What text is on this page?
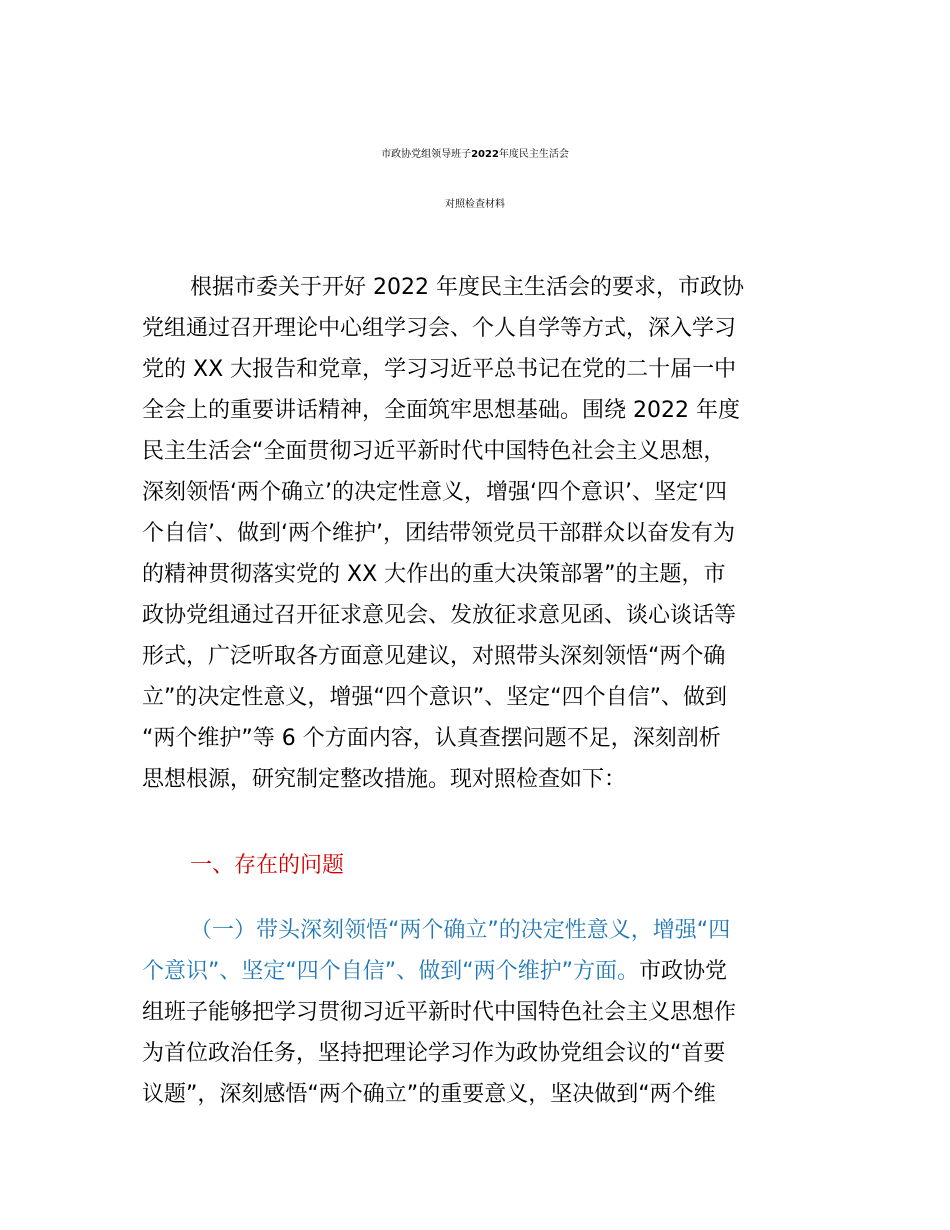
市政协党组领导班子2022年度民主生活会
对照检查材料
根据市委关于开好 2022 年度民主生活会的要求，市政协
党组通过召开理论中心组学习会、个人自学等方式，深入学习
党的 XX 大报告和党章，学习习近平总书记在党的二十届一中
全会上的重要讲话精神，全面筑牢思想基础。围绕 2022 年度
民主生活会“全面贯彻习近平新时代中国特色社会主义思想，
深刻领悟‘两个确立’的决定性意义，增强‘四个意识’、坚定‘四
个自信’、做到‘两个维护’，团结带领党员干部群众以奋发有为
的精神贯彻落实党的 XX 大作出的重大决策部署”的主题，市
政协党组通过召开征求意见会、发放征求意见函、谈心谈话等
形式，广泛听取各方面意见建议，对照带头深刻领悟“两个确
立”的决定性意义，增强“四个意识”、坚定“四个自信”、做到
“两个维护”等 6 个方面内容，认真查摆问题不足，深刻剖析
思想根源，研究制定整改措施。现对照检查如下：
一、存在的问题
（一）带头深刻领悟“两个确立”的决定性意义，增强“四
个意识”、坚定“四个自信”、做到“两个维护”方面。市政协党
组班子能够把学习贯彻习近平新时代中国特色社会主义思想作
为首位政治任务，坚持把理论学习作为政协党组会议的“首要
议题”，深刻感悟“两个确立”的重要意义，坚决做到“两个维
